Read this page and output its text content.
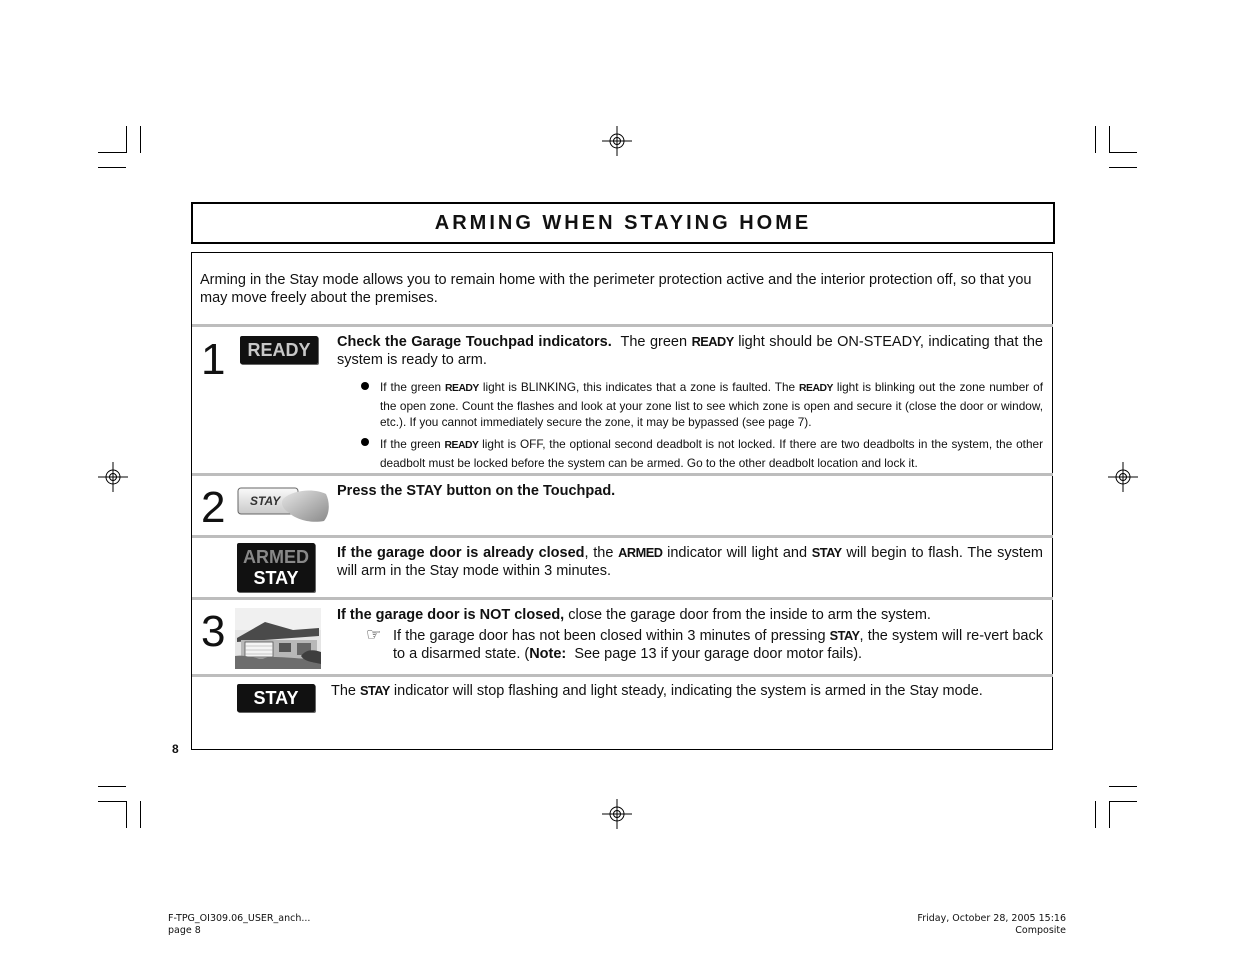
ARMING WHEN STAYING HOME
Arming in the Stay mode allows you to remain home with the perimeter protection active and the interior protection off, so that you may move freely about the premises.
1 READY Check the Garage Touchpad indicators.  The green READY light should be ON-STEADY, indicating that the system is ready to arm.
If the green READY light is BLINKING, this indicates that a zone is faulted. The READY light is blinking out the zone number of the open zone. Count the flashes and look at your zone list to see which zone is open and secure it (close the door or window, etc.). If you cannot immediately secure the zone, it may be bypassed (see page 7).
If the green READY light is OFF, the optional second deadbolt is not locked. If there are two deadbolts in the system, the other deadbolt must be locked before the system can be armed. Go to the other deadbolt location and lock it.
2 STAY
Press the STAY button on the Touchpad.
ARMED
STAY
If the garage door is already closed, the ARMED indicator will light and STAY will begin to flash. The system will arm in the Stay mode within 3 minutes.
3	If the garage door is NOT closed, close the garage door from the inside to arm the system.
☞ If the garage door has not been closed within 3 minutes of pressing STAY, the system will re-vert back to a disarmed state. (Note:  See page 13 if your garage door motor fails).
STAY The STAY indicator will stop flashing and light steady, indicating the system is armed in the Stay mode.
8
F-TPG_OI309.06_USER_anch...
page 8
Friday, October 28, 2005 15:16
Composite
